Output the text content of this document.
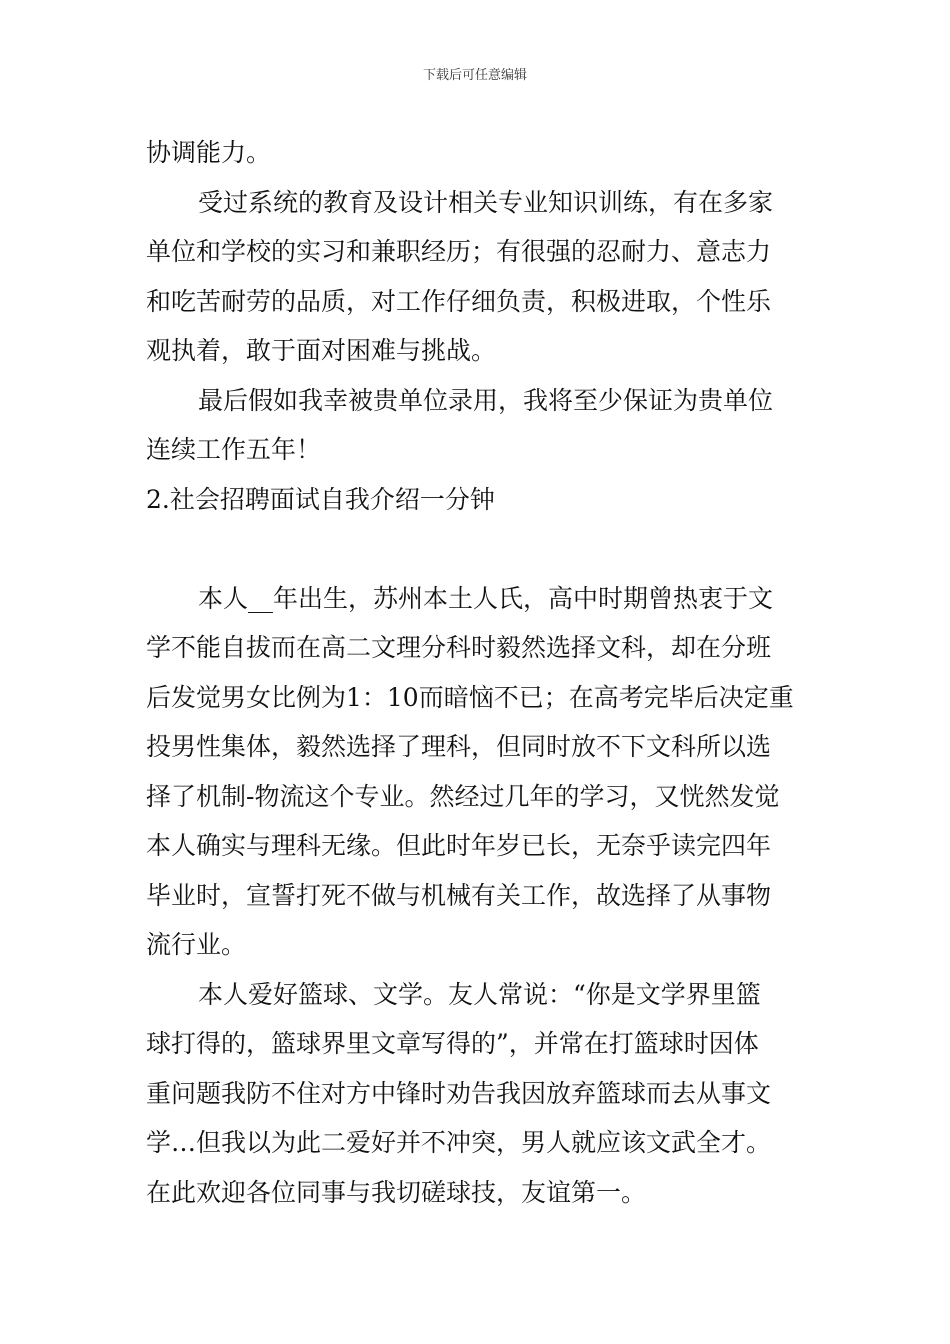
下载后可任意编辑
协调能力。
受过系统的教育及设计相关专业知识训练，有在多家
单位和学校的实习和兼职经历；有很强的忍耐力、意志力
和吃苦耐劳的品质，对工作仔细负责，积极进取，个性乐
观执着，敢于面对困难与挑战。
最后假如我幸被贵单位录用，我将至少保证为贵单位
连续工作五年！
2.社会招聘面试自我介绍一分钟
本人__年出生，苏州本土人氏，高中时期曾热衷于文
学不能自拔而在高二文理分科时毅然选择文科，却在分班
后发觉男女比例为1：10而暗恼不已；在高考完毕后决定重
投男性集体，毅然选择了理科，但同时放不下文科所以选
择了机制-物流这个专业。然经过几年的学习，又恍然发觉
本人确实与理科无缘。但此时年岁已长，无奈乎读完四年
毕业时，宣誓打死不做与机械有关工作，故选择了从事物
流行业。
本人爱好篮球、文学。友人常说：“你是文学界里篮
球打得的，篮球界里文章写得的”，并常在打篮球时因体
重问题我防不住对方中锋时劝告我因放弃篮球而去从事文
学…但我以为此二爱好并不冲突，男人就应该文武全才。
在此欢迎各位同事与我切磋球技，友谊第一。
